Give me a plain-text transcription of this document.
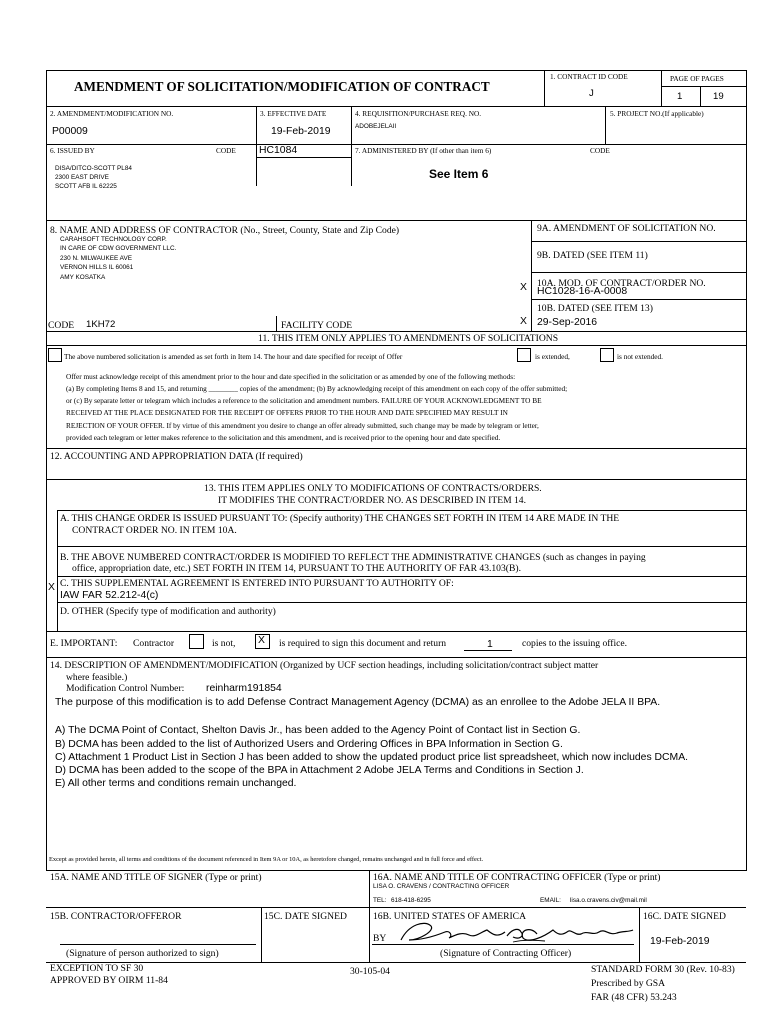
AMENDMENT OF SOLICITATION/MODIFICATION OF CONTRACT
1. CONTRACT ID CODE
J
PAGE OF PAGES
1	19
2. AMENDMENT/MODIFICATION NO.
P00009
3. EFFECTIVE DATE
19-Feb-2019
4. REQUISITION/PURCHASE REQ. NO.
ADOBEJELAII
5. PROJECT NO.(If applicable)
6. ISSUED BY	CODE HC1084
DISA/DITCO-SCOTT PL84
2300 EAST DRIVE
SCOTT AFB IL 62225
7. ADMINISTERED BY (If other than item 6)	CODE
See Item 6
8. NAME AND ADDRESS OF CONTRACTOR (No., Street, County, State and Zip Code)
CARAHSOFT TECHNOLOGY CORP.
IN CARE OF CDW GOVERNMENT LLC.
230 N. MILWAUKEE AVE
VERNON HILLS IL 60061
AMY KOSATKA
CODE 1KH72	FACILITY CODE
9A. AMENDMENT OF SOLICITATION NO.
9B. DATED (SEE ITEM 11)
X 10A. MOD. OF CONTRACT/ORDER NO.
HC1028-16-A-0008
10B. DATED (SEE ITEM 13)
X 29-Sep-2016
11. THIS ITEM ONLY APPLIES TO AMENDMENTS OF SOLICITATIONS
The above numbered solicitation is amended as set forth in Item 14. The hour and date specified for receipt of Offer	is extended,	is not extended.
Offer must acknowledge receipt of this amendment prior to the hour and date specified in the solicitation or as amended by one of the following methods:
(a) By completing Items 8 and 15, and returning ________ copies of the amendment; (b) By acknowledging receipt of this amendment on each copy of the offer submitted;
or (c) By separate letter or telegram which includes a reference to the solicitation and amendment numbers. FAILURE OF YOUR ACKNOWLEDGMENT TO BE
RECEIVED AT THE PLACE DESIGNATED FOR THE RECEIPT OF OFFERS PRIOR TO THE HOUR AND DATE SPECIFIED MAY RESULT IN
REJECTION OF YOUR OFFER. If by virtue of this amendment you desire to change an offer already submitted, such change may be made by telegram or letter,
provided each telegram or letter makes reference to the solicitation and this amendment, and is received prior to the opening hour and date specified.
12. ACCOUNTING AND APPROPRIATION DATA (If required)
13. THIS ITEM APPLIES ONLY TO MODIFICATIONS OF CONTRACTS/ORDERS.
IT MODIFIES THE CONTRACT/ORDER NO. AS DESCRIBED IN ITEM 14.
A. THIS CHANGE ORDER IS ISSUED PURSUANT TO: (Specify authority) THE CHANGES SET FORTH IN ITEM 14 ARE MADE IN THE
CONTRACT ORDER NO. IN ITEM 10A.
B. THE ABOVE NUMBERED CONTRACT/ORDER IS MODIFIED TO REFLECT THE ADMINISTRATIVE CHANGES (such as changes in paying
office, appropriation date, etc.) SET FORTH IN ITEM 14, PURSUANT TO THE AUTHORITY OF FAR 43.103(B).
X C. THIS SUPPLEMENTAL AGREEMENT IS ENTERED INTO PURSUANT TO AUTHORITY OF:
IAW FAR 52.212-4(c)
D. OTHER (Specify type of modification and authority)
E. IMPORTANT: Contractor	is not, X is required to sign this document and return	1	copies to the issuing office.
14. DESCRIPTION OF AMENDMENT/MODIFICATION (Organized by UCF section headings, including solicitation/contract subject matter
where feasible.)
Modification Control Number: reinharm191854
The purpose of this modification is to add Defense Contract Management Agency (DCMA) as an enrollee to the Adobe JELA II BPA.
A) The DCMA Point of Contact, Shelton Davis Jr., has been added to the Agency Point of Contact list in Section G.
B) DCMA has been added to the list of Authorized Users and Ordering Offices in BPA Information in Section G.
C) Attachment 1 Product List in Section J has been added to show the updated product price list spreadsheet, which now includes DCMA.
D) DCMA has been added to the scope of the BPA in Attachment 2 Adobe JELA Terms and Conditions in Section J.
E) All other terms and conditions remain unchanged.
Except as provided herein, all terms and conditions of the document referenced in Item 9A or 10A, as heretofore changed, remains unchanged and in full force and effect.
15A. NAME AND TITLE OF SIGNER (Type or print)	16A. NAME AND TITLE OF CONTRACTING OFFICER (Type or print)
LISA O. CRAVENS / CONTRACTING OFFICER
TEL: 618-418-6295	EMAIL: lisa.o.cravens.civ@mail.mil
15B. CONTRACTOR/OFFEROR	15C. DATE SIGNED
(Signature of person authorized to sign)
16B. UNITED STATES OF AMERICA
BY
(Signature of Contracting Officer)
16C. DATE SIGNED
19-Feb-2019
EXCEPTION TO SF 30
APPROVED BY OIRM 11-84
30-105-04	STANDARD FORM 30 (Rev. 10-83)
Prescribed by GSA
FAR (48 CFR) 53.243
